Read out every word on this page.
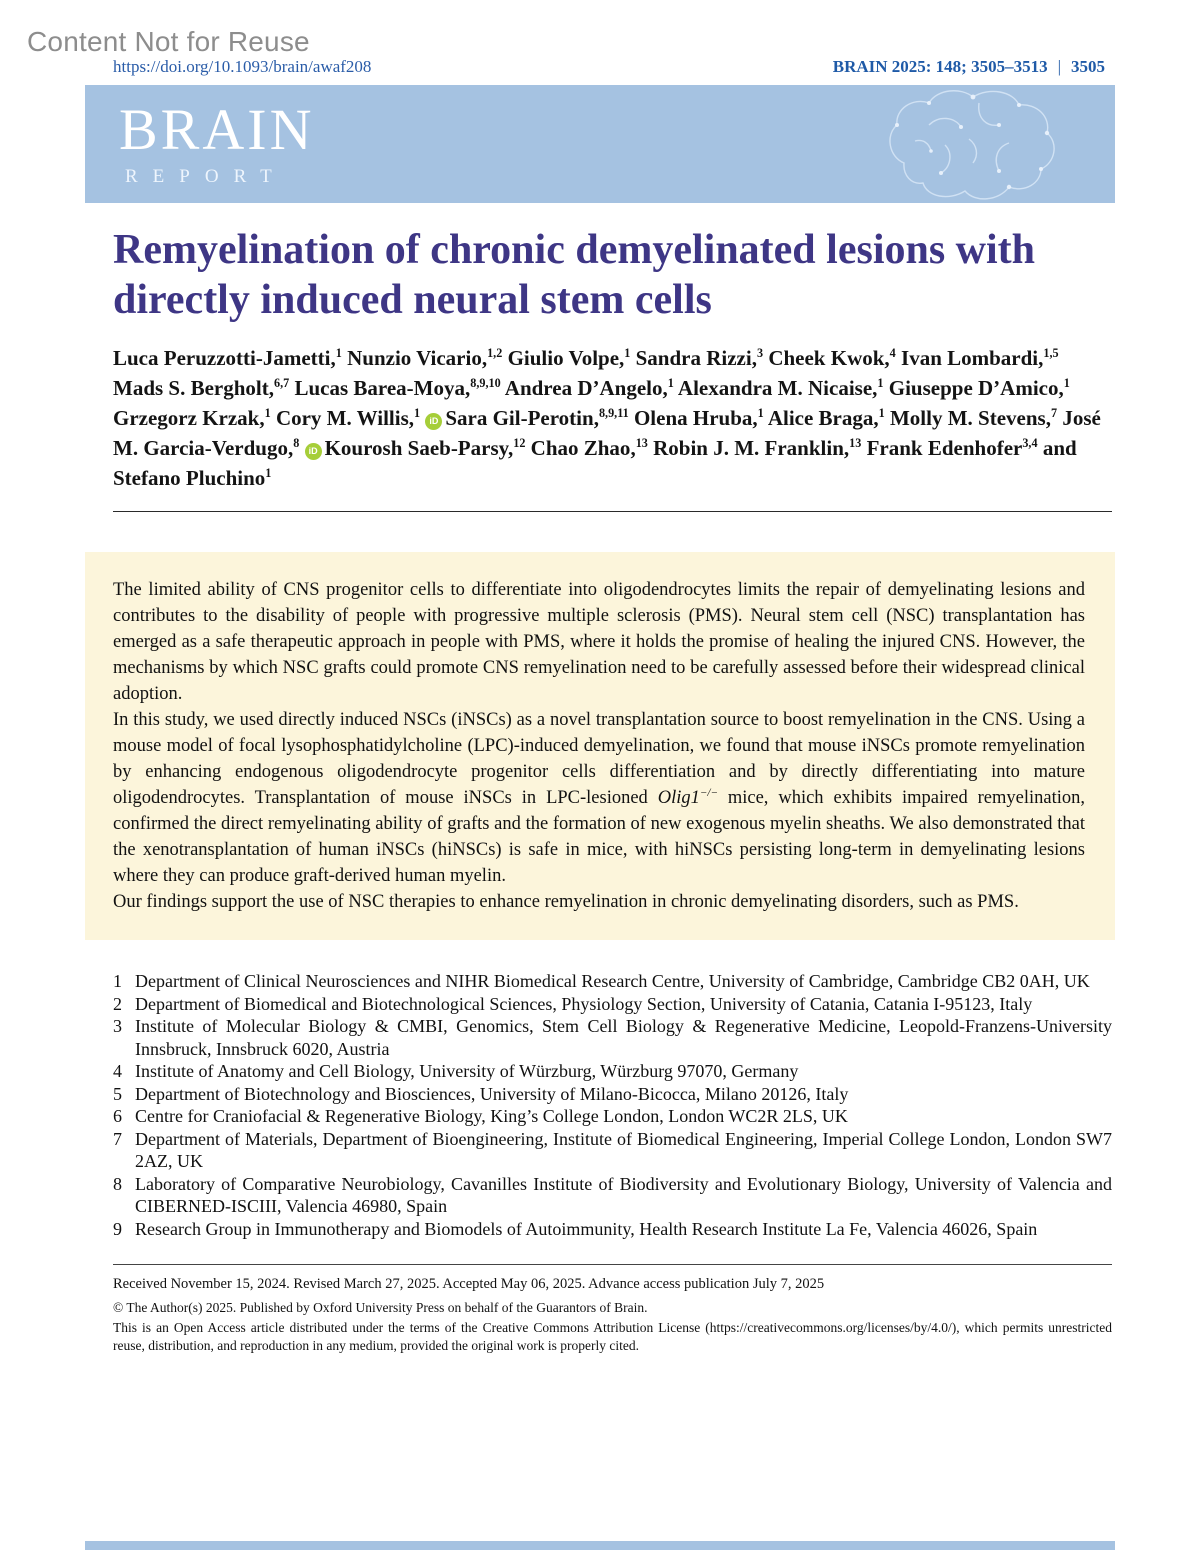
Content Not for Reuse
https://doi.org/10.1093/brain/awaf208	BRAIN 2025: 148; 3505–3513 | 3505
BRAIN
REPORT
Remyelination of chronic demyelinated lesions with directly induced neural stem cells
Luca Peruzzotti-Jametti,$^1$ Nunzio Vicario,$^{1,2}$ Giulio Volpe,$^1$ Sandra Rizzi,$^3$ Cheek Kwok,$^4$ Ivan Lombardi,$^{1,5}$ Mads S. Bergholt,$^{6,7}$ Lucas Barea-Moya,$^{8,9,10}$ Andrea D’Angelo,$^1$ Alexandra M. Nicaise,$^1$ Giuseppe D’Amico,$^1$ Grzegorz Krzak,$^1$ Cory M. Willis,$^1$ iD Sara Gil-Perotin,$^{8,9,11}$ Olena Hruba,$^1$ Alice Braga,$^1$ Molly M. Stevens,$^7$ José M. Garcia-Verdugo,$^8$ iD Kourosh Saeb-Parsy,$^{12}$ Chao Zhao,$^{13}$ Robin J. M. Franklin,$^{13}$ Frank Edenhofer$^{3,4}$ and Stefano Pluchino$^1$

The limited ability of CNS progenitor cells to differentiate into oligodendrocytes limits the repair of demyelinating lesions and contributes to the disability of people with progressive multiple sclerosis (PMS). Neural stem cell (NSC) transplantation has emerged as a safe therapeutic approach in people with PMS, where it holds the promise of healing the injured CNS. However, the mechanisms by which NSC grafts could promote CNS remyelination need to be carefully assessed before their widespread clinical adoption.

In this study, we used directly induced NSCs (iNSCs) as a novel transplantation source to boost remyelination in the CNS. Using a mouse model of focal lysophosphatidylcholine (LPC)-induced demyelination, we found that mouse iNSCs promote remyelination by enhancing endogenous oligodendrocyte progenitor cells differentiation and by directly differentiating into mature oligodendrocytes. Transplantation of mouse iNSCs in LPC-lesioned Olig1−/− mice, which exhibits impaired remyelination, confirmed the direct remyelinating ability of grafts and the formation of new exogenous myelin sheaths. We also demonstrated that the xenotransplantation of human iNSCs (hiNSCs) is safe in mice, with hiNSCs persisting long-term in demyelinating lesions where they can produce graft-derived human myelin.

Our findings support the use of NSC therapies to enhance remyelination in chronic demyelinating disorders, such as PMS.

1 Department of Clinical Neurosciences and NIHR Biomedical Research Centre, University of Cambridge, Cambridge CB2 0AH, UK
2 Department of Biomedical and Biotechnological Sciences, Physiology Section, University of Catania, Catania I-95123, Italy
3 Institute of Molecular Biology & CMBI, Genomics, Stem Cell Biology & Regenerative Medicine, Leopold-Franzens-University Innsbruck, Innsbruck 6020, Austria
4 Institute of Anatomy and Cell Biology, University of Würzburg, Würzburg 97070, Germany
5 Department of Biotechnology and Biosciences, University of Milano-Bicocca, Milano 20126, Italy
6 Centre for Craniofacial & Regenerative Biology, King’s College London, London WC2R 2LS, UK
7 Department of Materials, Department of Bioengineering, Institute of Biomedical Engineering, Imperial College London, London SW7 2AZ, UK
8 Laboratory of Comparative Neurobiology, Cavanilles Institute of Biodiversity and Evolutionary Biology, University of Valencia and CIBERNED-ISCIII, Valencia 46980, Spain
9 Research Group in Immunotherapy and Biomodels of Autoimmunity, Health Research Institute La Fe, Valencia 46026, Spain

Received November 15, 2024. Revised March 27, 2025. Accepted May 06, 2025. Advance access publication July 7, 2025

© The Author(s) 2025. Published by Oxford University Press on behalf of the Guarantors of Brain.

This is an Open Access article distributed under the terms of the Creative Commons Attribution License (https://creativecommons.org/licenses/by/4.0/), which permits unrestricted reuse, distribution, and reproduction in any medium, provided the original work is properly cited.
